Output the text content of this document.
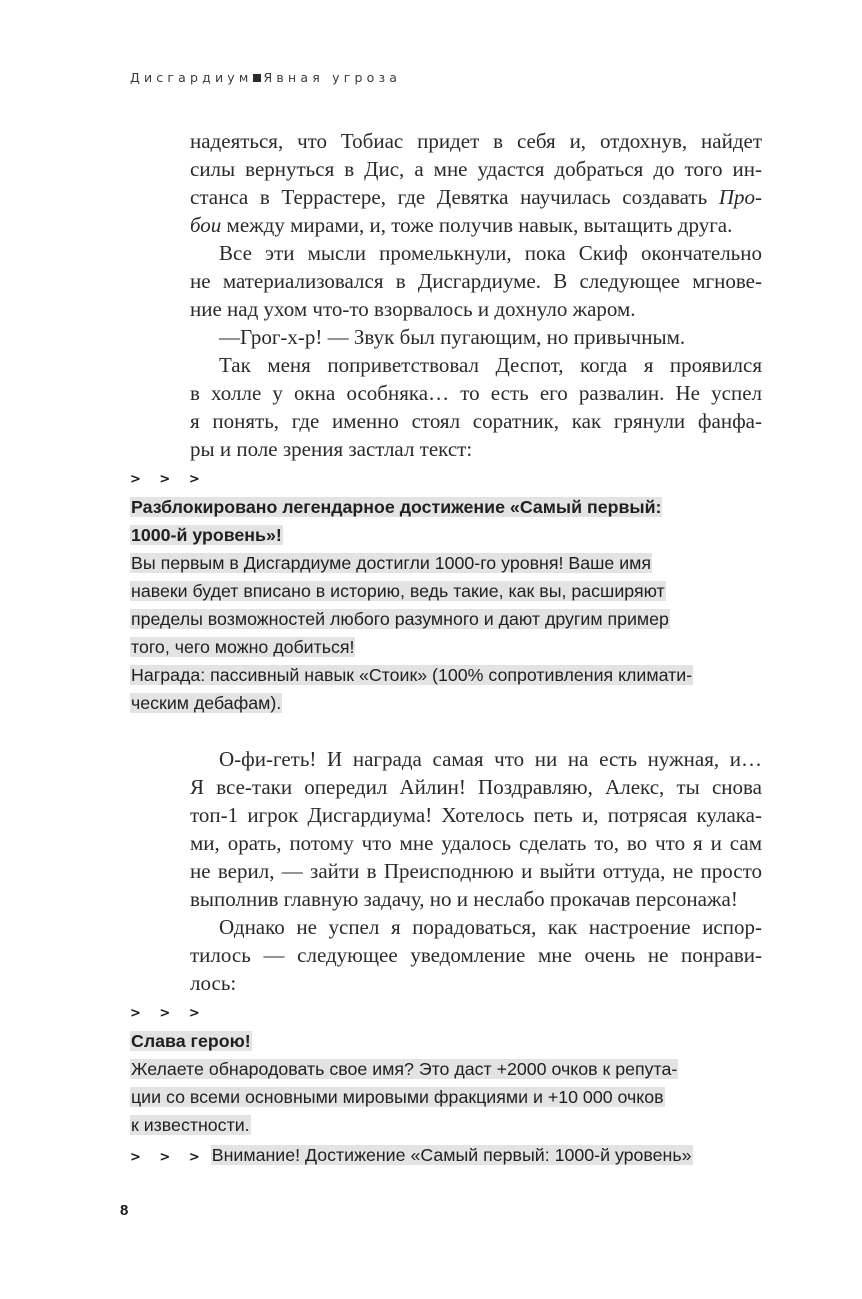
Дисгардиум Явная угроза
надеяться, что Тобиас придет в себя и, отдохнув, найдет
силы вернуться в Дис, а мне удастся добраться до того ин-
станса в Террастере, где Девятка научилась создавать Про-
бои между мирами, и, тоже получив навык, вытащить друга.
Все эти мысли промелькнули, пока Скиф окончательно
не материализовался в Дисгардиуме. В следующее мгнове-
ние над ухом что-то взорвалось и дохнуло жаром.
—Грог-х-р! — Звук был пугающим, но привычным.
Так меня поприветствовал Деспот, когда я проявился
в холле у окна особняка… то есть его развалин. Не успел
я понять, где именно стоял соратник, как грянули фанфа-
ры и поле зрения застлал текст:
> > >
Разблокировано легендарное достижение «Самый первый:
1000-й уровень»!
Вы первым в Дисгардиуме достигли 1000-го уровня! Ваше имя
навеки будет вписано в историю, ведь такие, как вы, расширяют
пределы возможностей любого разумного и дают другим пример
того, чего можно добиться!
Награда: пассивный навык «Стоик» (100% сопротивления климати-
ческим дебафам).
О-фи-геть! И награда самая что ни на есть нужная, и…
Я все-таки опередил Айлин! Поздравляю, Алекс, ты снова
топ-1 игрок Дисгардиума! Хотелось петь и, потрясая кулака-
ми, орать, потому что мне удалось сделать то, во что я и сам
не верил, — зайти в Преисподнюю и выйти оттуда, не просто
выполнив главную задачу, но и неслабо прокачав персонажа!
Однако не успел я порадоваться, как настроение испор-
тилось — следующее уведомление мне очень не понрави-
лось:
> > >
Слава герою!
Желаете обнародовать свое имя? Это даст +2000 очков к репута-
ции со всеми основными мировыми фракциями и +10 000 очков
к известности.
> > > Внимание! Достижение «Самый первый: 1000-й уровень»
8
